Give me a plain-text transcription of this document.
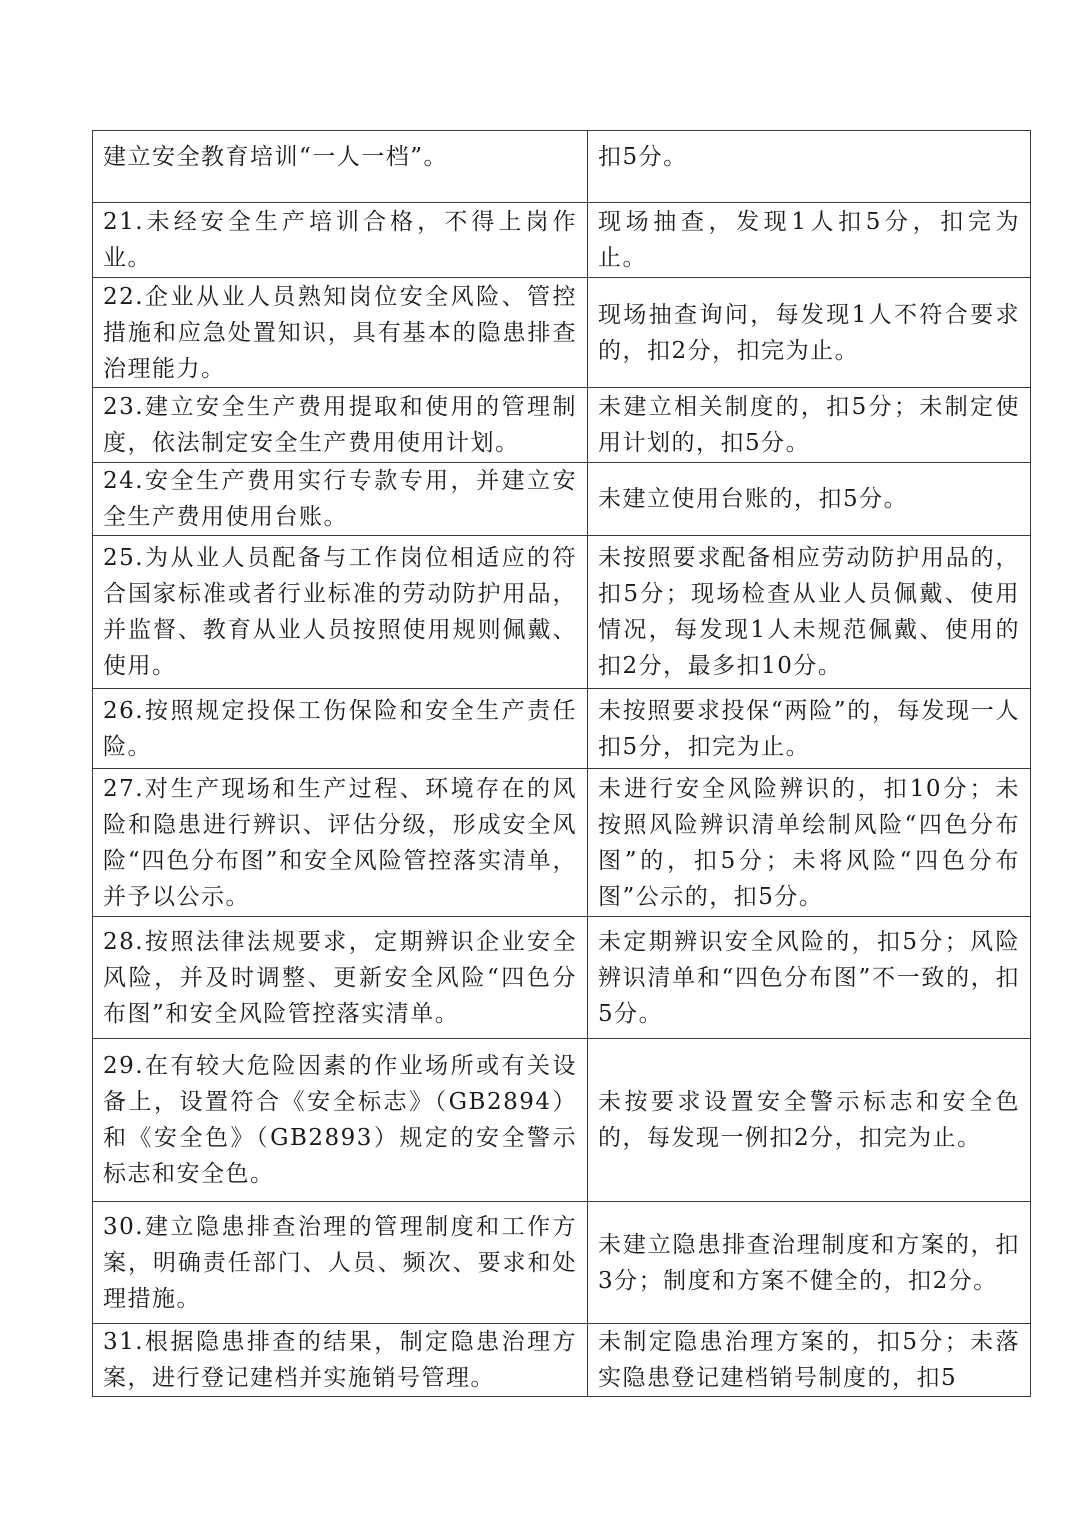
建立安全教育培训“一人一档”。	扣5分。
21.未经安全生产培训合格，不得上岗作业。	现场抽查，发现1人扣5分，扣完为止。
22.企业从业人员熟知岗位安全风险、管控措施和应急处置知识，具有基本的隐患排查治理能力。	现场抽查询问，每发现1人不符合要求的，扣2分，扣完为止。
23.建立安全生产费用提取和使用的管理制度，依法制定安全生产费用使用计划。	未建立相关制度的，扣5分；未制定使用计划的，扣5分。
24.安全生产费用实行专款专用，并建立安全生产费用使用台账。	未建立使用台账的，扣5分。
25.为从业人员配备与工作岗位相适应的符合国家标准或者行业标准的劳动防护用品，并监督、教育从业人员按照使用规则佩戴、使用。	未按照要求配备相应劳动防护用品的，扣5分；现场检查从业人员佩戴、使用情况，每发现1人未规范佩戴、使用的扣2分，最多扣10分。
26.按照规定投保工伤保险和安全生产责任险。	未按照要求投保“两险”的，每发现一人扣5分，扣完为止。
27.对生产现场和生产过程、环境存在的风险和隐患进行辨识、评估分级，形成安全风险“四色分布图”和安全风险管控落实清单，并予以公示。	未进行安全风险辨识的，扣10分；未按照风险辨识清单绘制风险“四色分布图”的，扣5分；未将风险“四色分布图”公示的，扣5分。
28.按照法律法规要求，定期辨识企业安全风险，并及时调整、更新安全风险“四色分布图”和安全风险管控落实清单。	未定期辨识安全风险的，扣5分；风险辨识清单和“四色分布图”不一致的，扣5分。
29.在有较大危险因素的作业场所或有关设备上，设置符合《安全标志》（GB2894）和《安全色》（GB2893）规定的安全警示标志和安全色。	未按要求设置安全警示标志和安全色的，每发现一例扣2分，扣完为止。
30.建立隐患排查治理的管理制度和工作方案，明确责任部门、人员、频次、要求和处理措施。	未建立隐患排查治理制度和方案的，扣3分；制度和方案不健全的，扣2分。
31.根据隐患排查的结果，制定隐患治理方案，进行登记建档并实施销号管理。	未制定隐患治理方案的，扣5分；未落实隐患登记建档销号制度的，扣5
